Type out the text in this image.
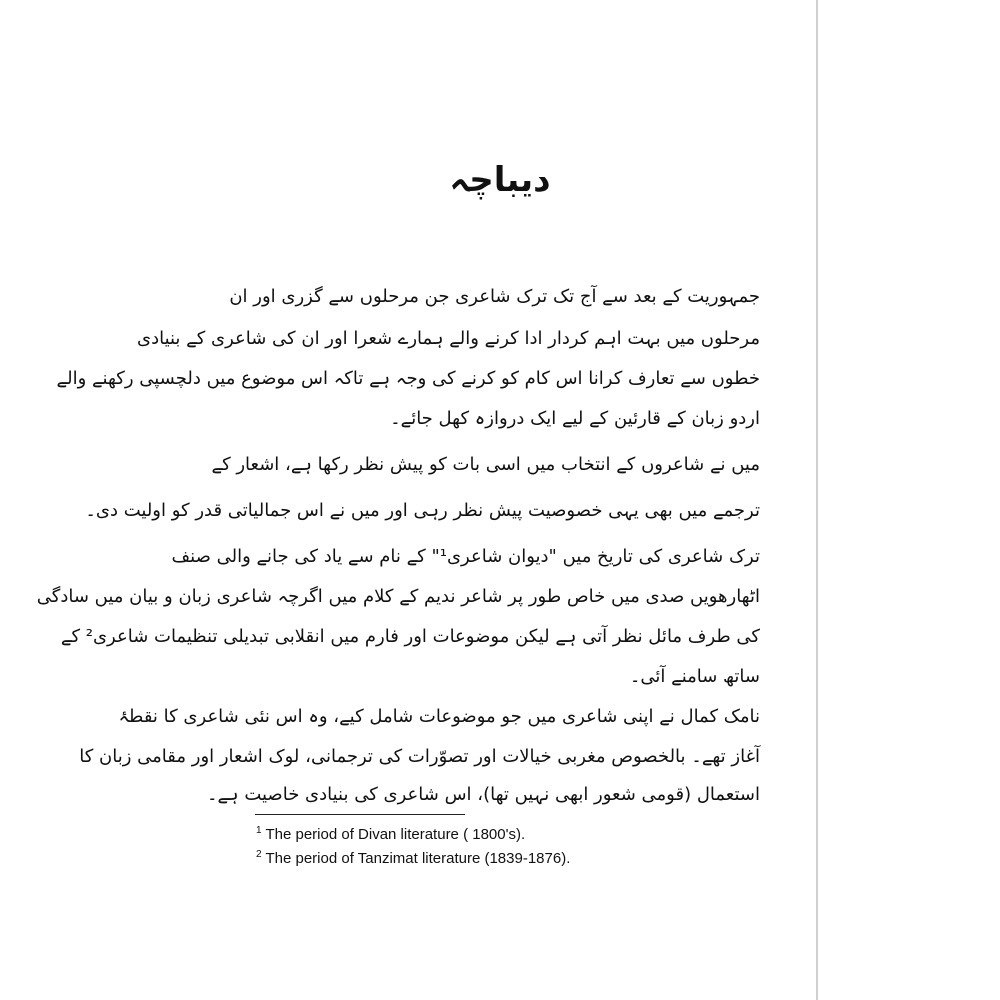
دیباچہ
جمہوریت کے بعد سے آج تک ترک شاعری جن مرحلوں سے گزری اور ان
مرحلوں میں بہت اہم کردار ادا کرنے والے ہمارے شعرا اور ان کی شاعری کے بنیادی
خطوں سے تعارف کرانا اس کام کو کرنے کی وجہ ہے تاکہ اس موضوع میں دلچسپی رکھنے والے
اردو زبان کے قارئین کے لیے ایک دروازہ کھل جائے۔
میں نے شاعروں کے انتخاب میں اسی بات کو پیش نظر رکھا ہے، اشعار کے
ترجمے میں بھی یہی خصوصیت پیش نظر رہی اور میں نے اس جمالیاتی قدر کو اولیت دی۔
ترک شاعری کی تاریخ میں "دیوان شاعری¹" کے نام سے یاد کی جانے والی صنف
اٹھارھویں صدی میں خاص طور پر شاعر ندیم کے کلام میں اگرچہ شاعری زبان و بیان میں سادگی
کی طرف مائل نظر آتی ہے لیکن موضوعات اور فارم میں انقلابی تبدیلی تنظیمات شاعری² کے
ساتھ سامنے آئی۔
نامک کمال نے اپنی شاعری میں جو موضوعات شامل کیے، وہ اس نئی شاعری کا نقطۂ
آغاز تھے۔ بالخصوص مغربی خیالات اور تصوّرات کی ترجمانی، لوک اشعار اور مقامی زبان کا
استعمال (قومی شعور ابھی نہیں تھا)، اس شاعری کی بنیادی خاصیت ہے۔
$^1$ The period of Divan literature ( 1800's).
$^2$ The period of Tanzimat literature (1839-1876).
